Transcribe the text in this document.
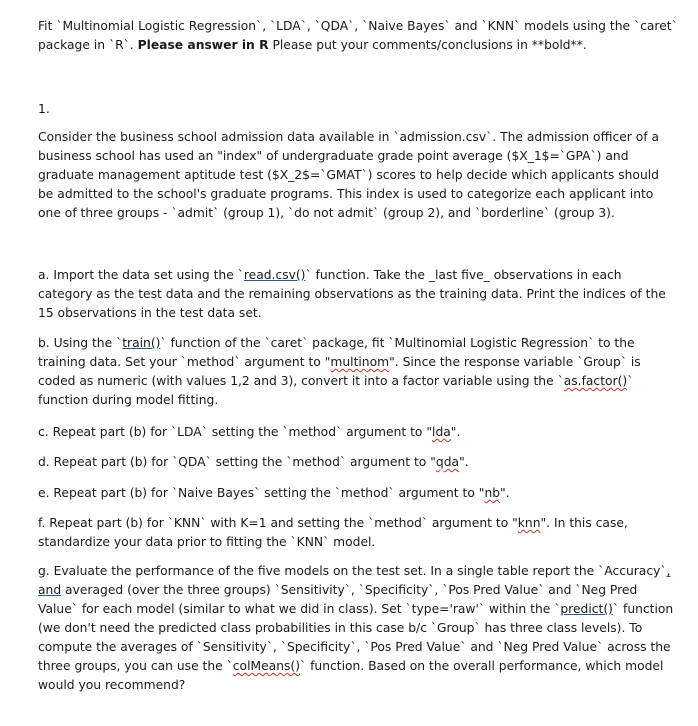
Fit `Multinomial Logistic Regression`, `LDA`, `QDA`, `Naive Bayes` and `KNN` models using the `caret` package in `R`. Please answer in R Please put your comments/conclusions in **bold**.

1.

Consider the business school admission data available in `admission.csv`. The admission officer of a business school has used an "index" of undergraduate grade point average ($X_1$=`GPA`) and graduate management aptitude test ($X_2$=`GMAT`) scores to help decide which applicants should be admitted to the school's graduate programs. This index is used to categorize each applicant into one of three groups - `admit` (group 1), `do not admit` (group 2), and `borderline` (group 3).

a. Import the data set using the `read.csv()` function. Take the _last five_ observations in each category as the test data and the remaining observations as the training data. Print the indices of the 15 observations in the test data set.

b. Using the `train()` function of the `caret` package, fit `Multinomial Logistic Regression` to the training data. Set your `method` argument to "multinom". Since the response variable `Group` is coded as numeric (with values 1,2 and 3), convert it into a factor variable using the `as.factor()` function during model fitting.

c. Repeat part (b) for `LDA` setting the `method` argument to "lda".

d. Repeat part (b) for `QDA` setting the `method` argument to "qda".

e. Repeat part (b) for `Naive Bayes` setting the `method` argument to "nb".

f. Repeat part (b) for `KNN` with K=1 and setting the `method` argument to "knn". In this case, standardize your data prior to fitting the `KNN` model.

g. Evaluate the performance of the five models on the test set. In a single table report the `Accuracy`, and averaged (over the three groups) `Sensitivity`, `Specificity`, `Pos Pred Value` and `Neg Pred Value` for each model (similar to what we did in class). Set `type='raw'` within the `predict()` function (we don't need the predicted class probabilities in this case b/c `Group` has three class levels). To compute the averages of `Sensitivity`, `Specificity`, `Pos Pred Value` and `Neg Pred Value` across the three groups, you can use the `colMeans()` function. Based on the overall performance, which model would you recommend?
